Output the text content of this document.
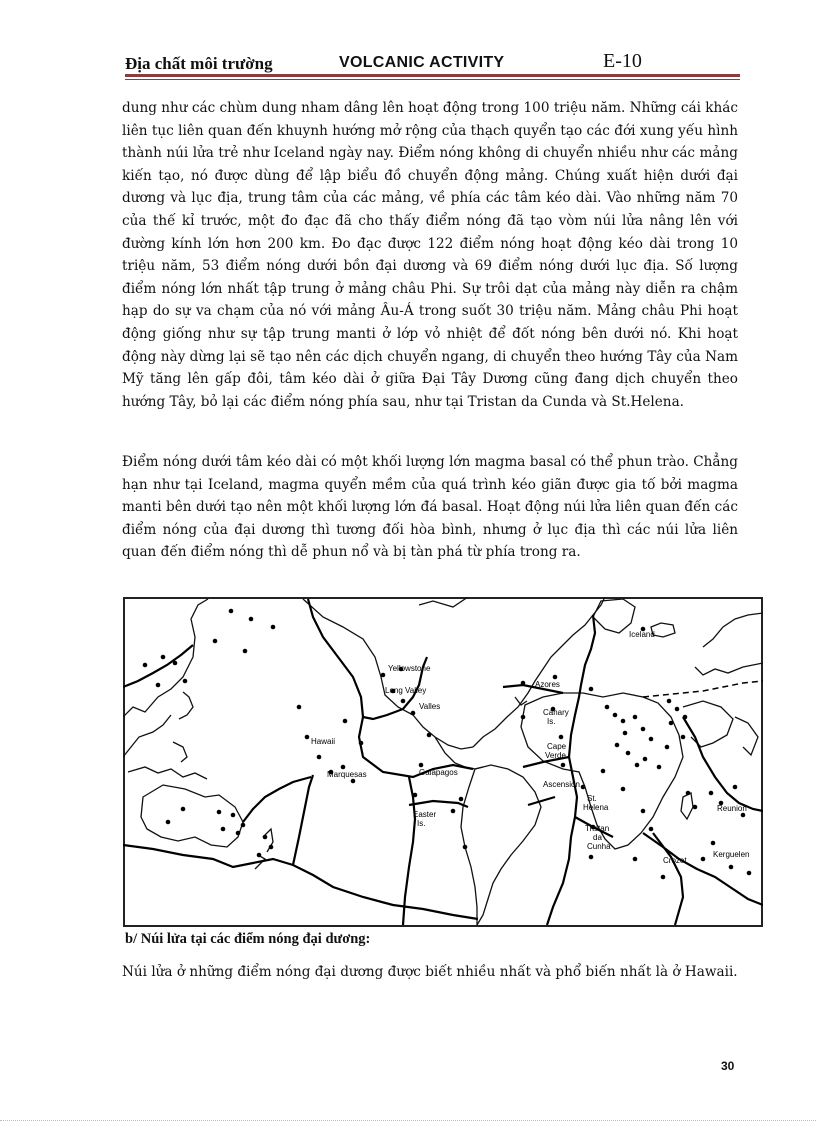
Địa chất môi trường	VOLCANIC ACTIVITY	E-10

dung như các chùm dung nham dâng lên hoạt động trong 100 triệu năm. Những cái khác liên tục liên quan đến khuynh hướng mở rộng của thạch quyển tạo các đới xung yếu hình thành núi lửa trẻ như Iceland ngày nay. Điểm nóng không di chuyển nhiều như các mảng kiến tạo, nó được dùng để lập biểu đồ chuyển động mảng. Chúng xuất hiện dưới đại dương và lục địa, trung tâm của các mảng, về phía các tâm kéo dài. Vào những năm 70 của thế kỉ trước, một đo đạc đã cho thấy điểm nóng đã tạo vòm núi lửa nâng lên với đường kính lớn hơn 200 km. Đo đạc được 122 điểm nóng hoạt động kéo dài trong 10 triệu năm, 53 điểm nóng dưới bồn đại dương và 69 điểm nóng dưới lục địa. Số lượng điểm nóng lớn nhất tập trung ở mảng châu Phi. Sự trôi dạt của mảng này diễn ra chậm hạp do sự va chạm của nó với mảng Âu-Á trong suốt 30 triệu năm. Mảng châu Phi hoạt động giống như sự tập trung manti ở lớp vỏ nhiệt để đốt nóng bên dưới nó. Khi hoạt động này dừng lại sẽ tạo nên các dịch chuyển ngang, di chuyển theo hướng Tây của Nam Mỹ tăng lên gấp đôi, tâm kéo dài ở giữa Đại Tây Dương cũng đang dịch chuyển theo hướng Tây, bỏ lại các điểm nóng phía sau, như tại Tristan da Cunda và St.Helena.

Điểm nóng dưới tâm kéo dài có một khối lượng lớn magma basal có thể phun trào. Chẳng hạn như tại Iceland, magma quyển mềm của quá trình kéo giãn được gia tố bởi magma manti bên dưới tạo nên một khối lượng lớn đá basal. Hoạt động núi lửa liên quan đến các điểm nóng của đại dương thì tương đối hòa bình, nhưng ở lục địa thì các núi lửa liên quan đến điểm nóng thì dễ phun nổ và bị tàn phá từ phía trong ra.

Iceland
Yellowstone
Long Valley
Valles
Azores
Canary
Is.
Hawaii
Cape
Verde
Marquesas	Galapagos
Ascension
St.
Helena	Reunion
Easter
Is.
Tristan
da
Cunha
Crozet
Kerguelen
b/ Núi lửa tại các điểm nóng đại dương:

Núi lửa ở những điểm nóng đại dương được biết nhiều nhất và phổ biến nhất là ở Hawaii.

30
